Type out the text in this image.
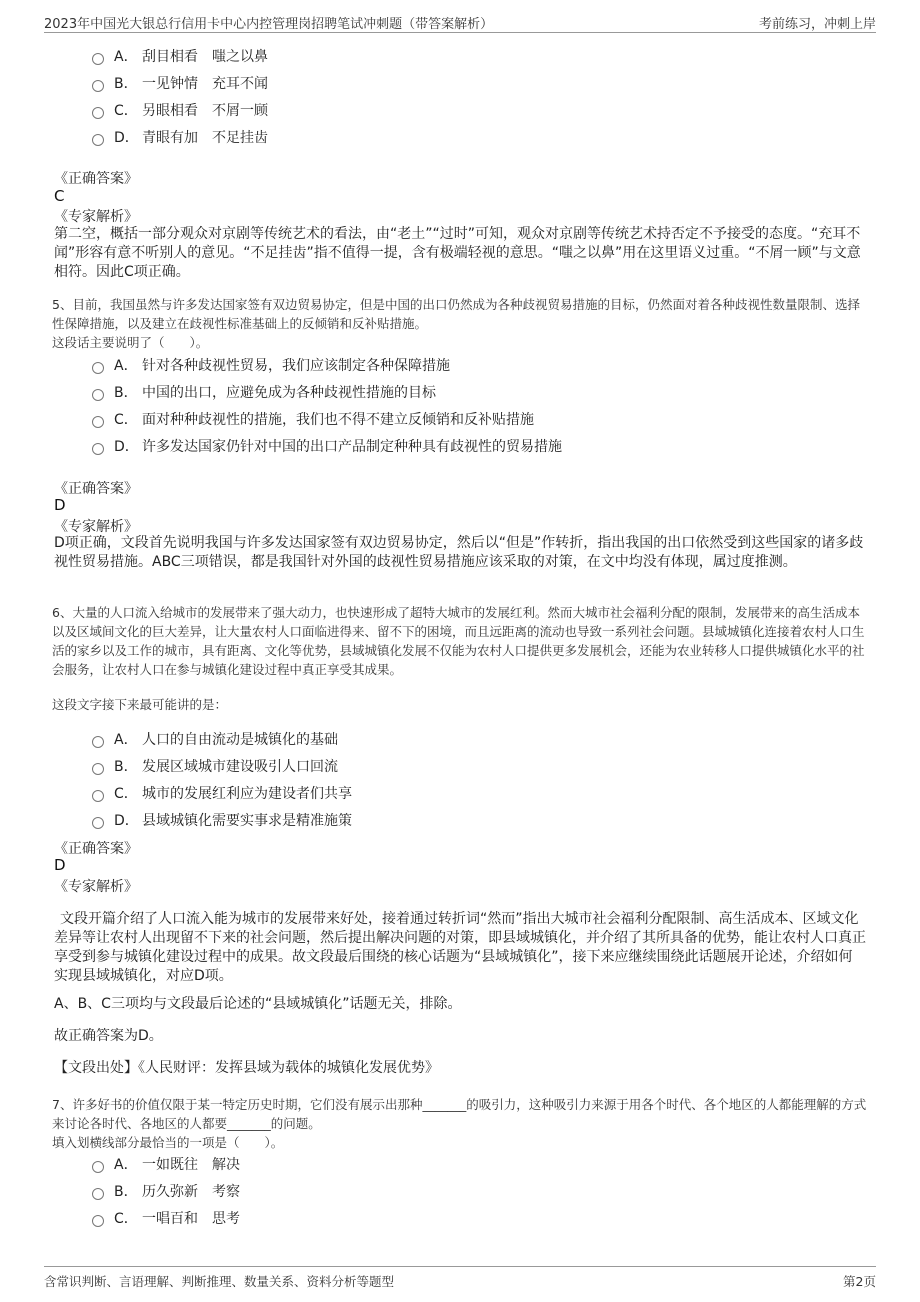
2023年中国光大银总行信用卡中心内控管理岗招聘笔试冲刺题（带答案解析）	考前练习，冲刺上岸
A． 刮目相看　嗤之以鼻
B． 一见钟情　充耳不闻
C． 另眼相看　不屑一顾
D． 青眼有加　不足挂齿
《正确答案》
C
《专家解析》
第二空，概括一部分观众对京剧等传统艺术的看法，由“老土”“过时”可知，观众对京剧等传统艺术持否定不予接受的态度。“充耳不闻”形容有意不听别人的意见。“不足挂齿”指不值得一提，含有极端轻视的意思。“嗤之以鼻”用在这里语义过重。“不屑一顾”与文意相符。因此C项正确。
5、目前，我国虽然与许多发达国家签有双边贸易协定，但是中国的出口仍然成为各种歧视贸易措施的目标，仍然面对着各种歧视性数量限制、选择性保障措施，以及建立在歧视性标准基础上的反倾销和反补贴措施。
这段话主要说明了（　　）。
A． 针对各种歧视性贸易，我们应该制定各种保障措施
B． 中国的出口，应避免成为各种歧视性措施的目标
C． 面对种种歧视性的措施，我们也不得不建立反倾销和反补贴措施
D． 许多发达国家仍针对中国的出口产品制定种种具有歧视性的贸易措施
《正确答案》
D
《专家解析》
D项正确，文段首先说明我国与许多发达国家签有双边贸易协定，然后以“但是”作转折，指出我国的出口依然受到这些国家的诸多歧视性贸易措施。ABC三项错误，都是我国针对外国的歧视性贸易措施应该采取的对策，在文中均没有体现，属过度推测。
6、大量的人口流入给城市的发展带来了强大动力，也快速形成了超特大城市的发展红利。然而大城市社会福利分配的限制，发展带来的高生活成本以及区域间文化的巨大差异，让大量农村人口面临进得来、留不下的困境，而且远距离的流动也导致一系列社会问题。县域城镇化连接着农村人口生活的家乡以及工作的城市，具有距离、文化等优势，县域城镇化发展不仅能为农村人口提供更多发展机会，还能为农业转移人口提供城镇化水平的社会服务，让农村人口在参与城镇化建设过程中真正享受其成果。
这段文字接下来最可能讲的是：
A． 人口的自由流动是城镇化的基础
B． 发展区域城市建设吸引人口回流
C． 城市的发展红利应为建设者们共享
D． 县域城镇化需要实事求是精准施策
《正确答案》
D
《专家解析》
文段开篇介绍了人口流入能为城市的发展带来好处，接着通过转折词“然而”指出大城市社会福利分配限制、高生活成本、区域文化差异等让农村人出现留不下来的社会问题，然后提出解决问题的对策，即县域城镇化，并介绍了其所具备的优势，能让农村人口真正享受到参与城镇化建设过程中的成果。故文段最后围绕的核心话题为“县域城镇化”，接下来应继续围绕此话题展开论述，介绍如何实现县域城镇化，对应D项。
A、B、C三项均与文段最后论述的“县域城镇化”话题无关，排除。
故正确答案为D。
【文段出处】《人民财评：发挥县域为载体的城镇化发展优势》
7、许多好书的价值仅限于某一特定历史时期，它们没有展示出那种_______的吸引力，这种吸引力来源于用各个时代、各个地区的人都能理解的方式来讨论各时代、各地区的人都要_______的问题。
填入划横线部分最恰当的一项是（　　）。
A． 一如既往　解决
B． 历久弥新　考察
C． 一唱百和　思考
含常识判断、言语理解、判断推理、数量关系、资料分析等题型	第2页
